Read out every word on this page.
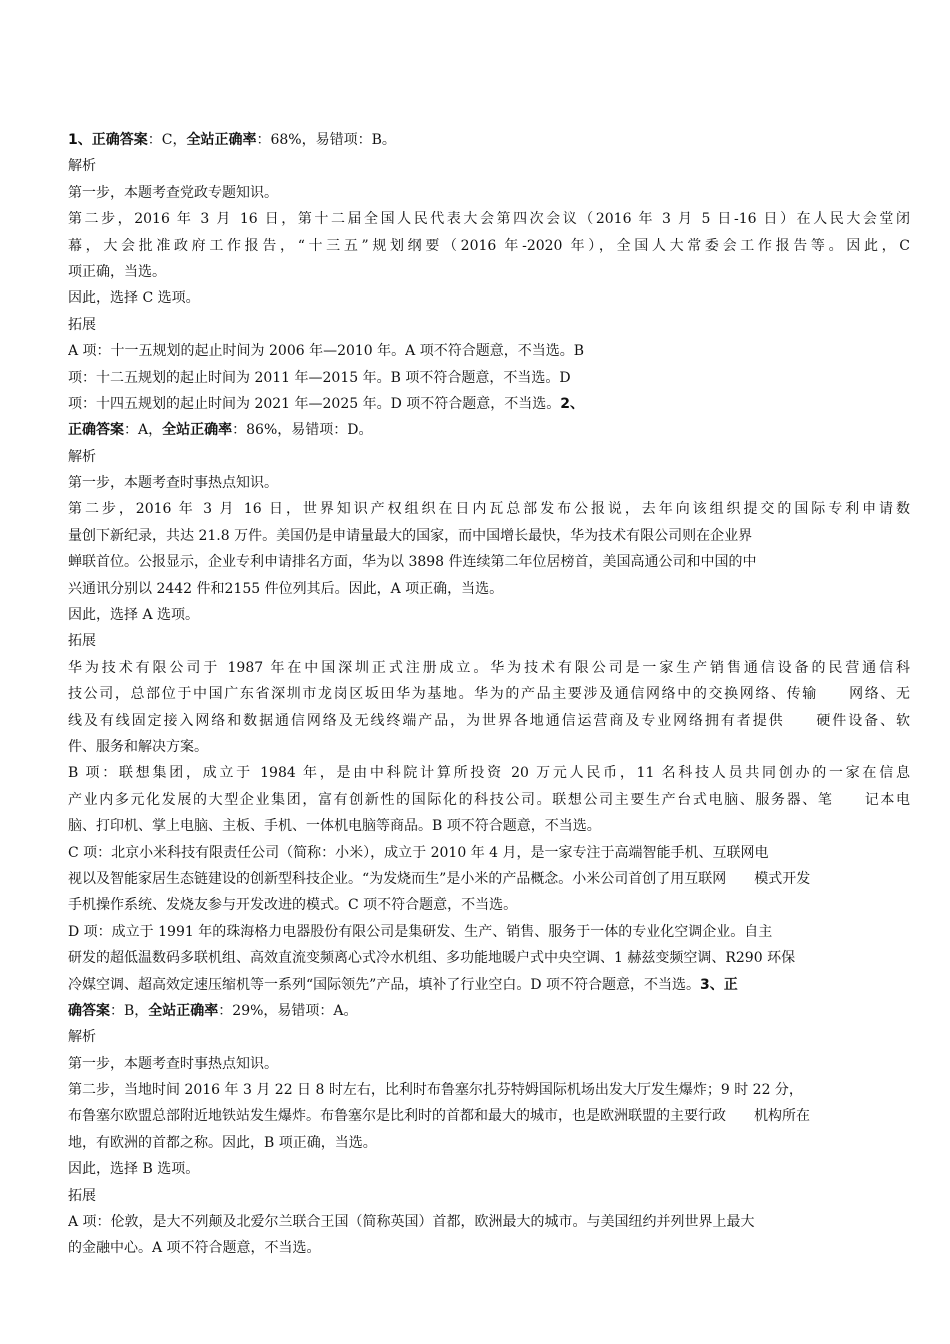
1、正确答案：C，全站正确率：68%，易错项：B。
解析
第一步，本题考查党政专题知识。
第二步，2016 年 3 月 16 日，第十二届全国人民代表大会第四次会议（2016 年 3 月 5 日-16 日）在人民大会堂闭
幕，大会批准政府工作报告，“十三五”规划纲要（2016 年-2020 年），全国人大常委会工作报告等。因此，C
项正确，当选。
因此，选择 C 选项。
拓展
A 项：十一五规划的起止时间为 2006 年—2010 年。A 项不符合题意，不当选。B
项：十二五规划的起止时间为 2011 年—2015 年。B 项不符合题意，不当选。D
项：十四五规划的起止时间为 2021 年—2025 年。D 项不符合题意，不当选。2、
正确答案：A，全站正确率：86%，易错项：D。
解析
第一步，本题考查时事热点知识。
第二步，2016 年 3 月 16 日，世界知识产权组织在日内瓦总部发布公报说，去年向该组织提交的国际专利申请数
量创下新纪录，共达 21.8 万件。美国仍是申请量最大的国家，而中国增长最快，华为技术有限公司则在企业界
蝉联首位。公报显示，企业专利申请排名方面，华为以 3898 件连续第二年位居榜首，美国高通公司和中国的中
兴通讯分别以 2442 件和2155 件位列其后。因此，A 项正确，当选。
因此，选择 A 选项。
拓展
华为技术有限公司于 1987 年在中国深圳正式注册成立。华为技术有限公司是一家生产销售通信设备的民营通信科
技公司，总部位于中国广东省深圳市龙岗区坂田华为基地。华为的产品主要涉及通信网络中的交换网络、传输　　网络、无
线及有线固定接入网络和数据通信网络及无线终端产品，为世界各地通信运营商及专业网络拥有者提供　　硬件设备、软
件、服务和解决方案。
B 项：联想集团，成立于 1984 年，是由中科院计算所投资 20 万元人民币，11 名科技人员共同创办的一家在信息
产业内多元化发展的大型企业集团，富有创新性的国际化的科技公司。联想公司主要生产台式电脑、服务器、笔　　记本电
脑、打印机、掌上电脑、主板、手机、一体机电脑等商品。B 项不符合题意，不当选。
C 项：北京小米科技有限责任公司（简称：小米），成立于 2010 年 4 月，是一家专注于高端智能手机、互联网电
视以及智能家居生态链建设的创新型科技企业。“为发烧而生”是小米的产品概念。小米公司首创了用互联网　　模式开发
手机操作系统、发烧友参与开发改进的模式。C 项不符合题意，不当选。
D 项：成立于 1991 年的珠海格力电器股份有限公司是集研发、生产、销售、服务于一体的专业化空调企业。自主
研发的超低温数码多联机组、高效直流变频离心式冷水机组、多功能地暖户式中央空调、1 赫兹变频空调、R290 环保
冷媒空调、超高效定速压缩机等一系列“国际领先”产品，填补了行业空白。D 项不符合题意，不当选。3、正
确答案：B，全站正确率：29%，易错项：A。
解析
第一步，本题考查时事热点知识。
第二步，当地时间 2016 年 3 月 22 日 8 时左右，比利时布鲁塞尔扎芬特姆国际机场出发大厅发生爆炸；9 时 22 分，
布鲁塞尔欧盟总部附近地铁站发生爆炸。布鲁塞尔是比利时的首都和最大的城市，也是欧洲联盟的主要行政　　机构所在
地，有欧洲的首都之称。因此，B 项正确，当选。
因此，选择 B 选项。
拓展
A 项：伦敦，是大不列颠及北爱尔兰联合王国（简称英国）首都，欧洲最大的城市。与美国纽约并列世界上最大
的金融中心。A 项不符合题意，不当选。
